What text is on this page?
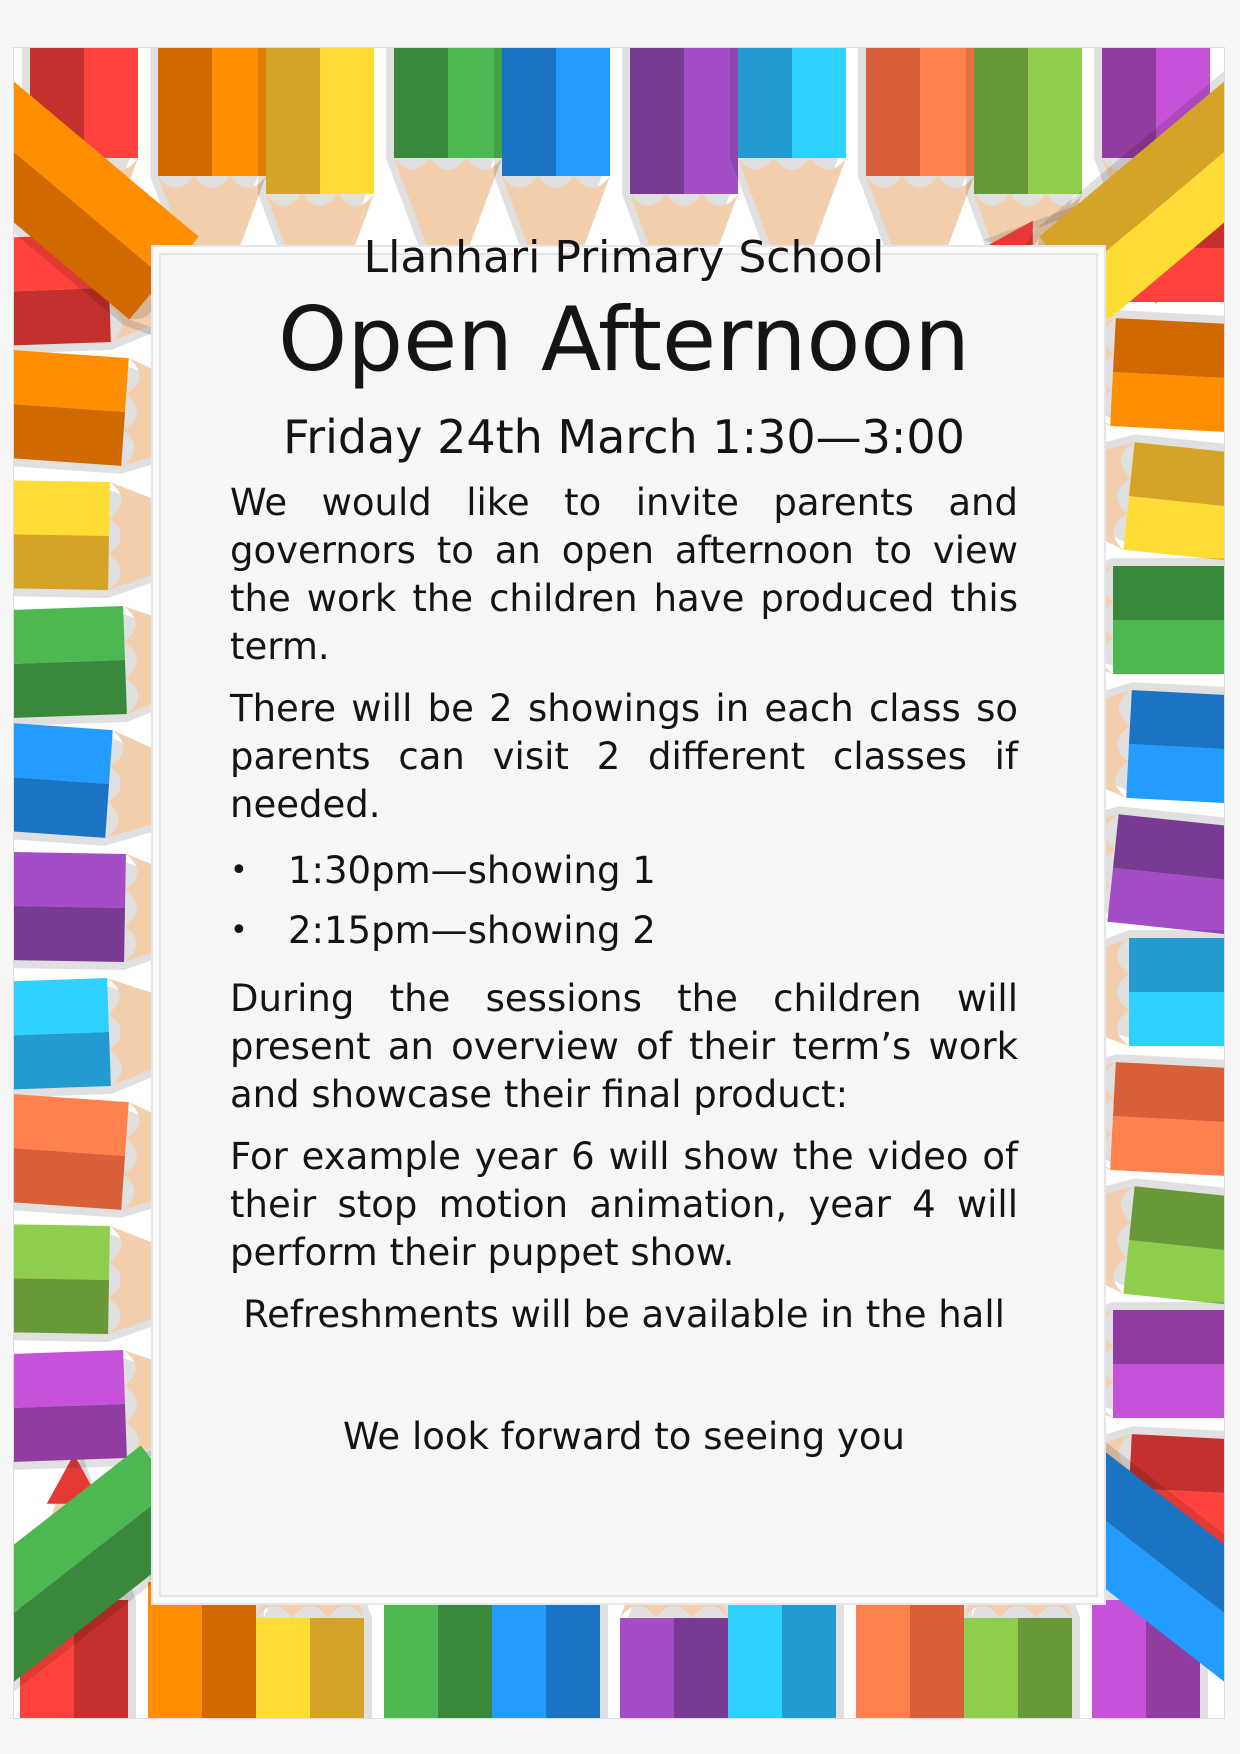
Llanhari Primary School
Open Afternoon
Friday 24th March 1:30—3:00

We would like to invite parents and governors to an open afternoon to view the work the children have produced this term.

There will be 2 showings in each class so parents can visit 2 different classes if needed.

• 1:30pm—showing 1
• 2:15pm—showing 2

During the sessions the children will present an overview of their term’s work and showcase their final product:

For example year 6 will show the video of their stop motion animation, year 4 will perform their puppet show.

Refreshments will be available in the hall
We look forward to seeing you
